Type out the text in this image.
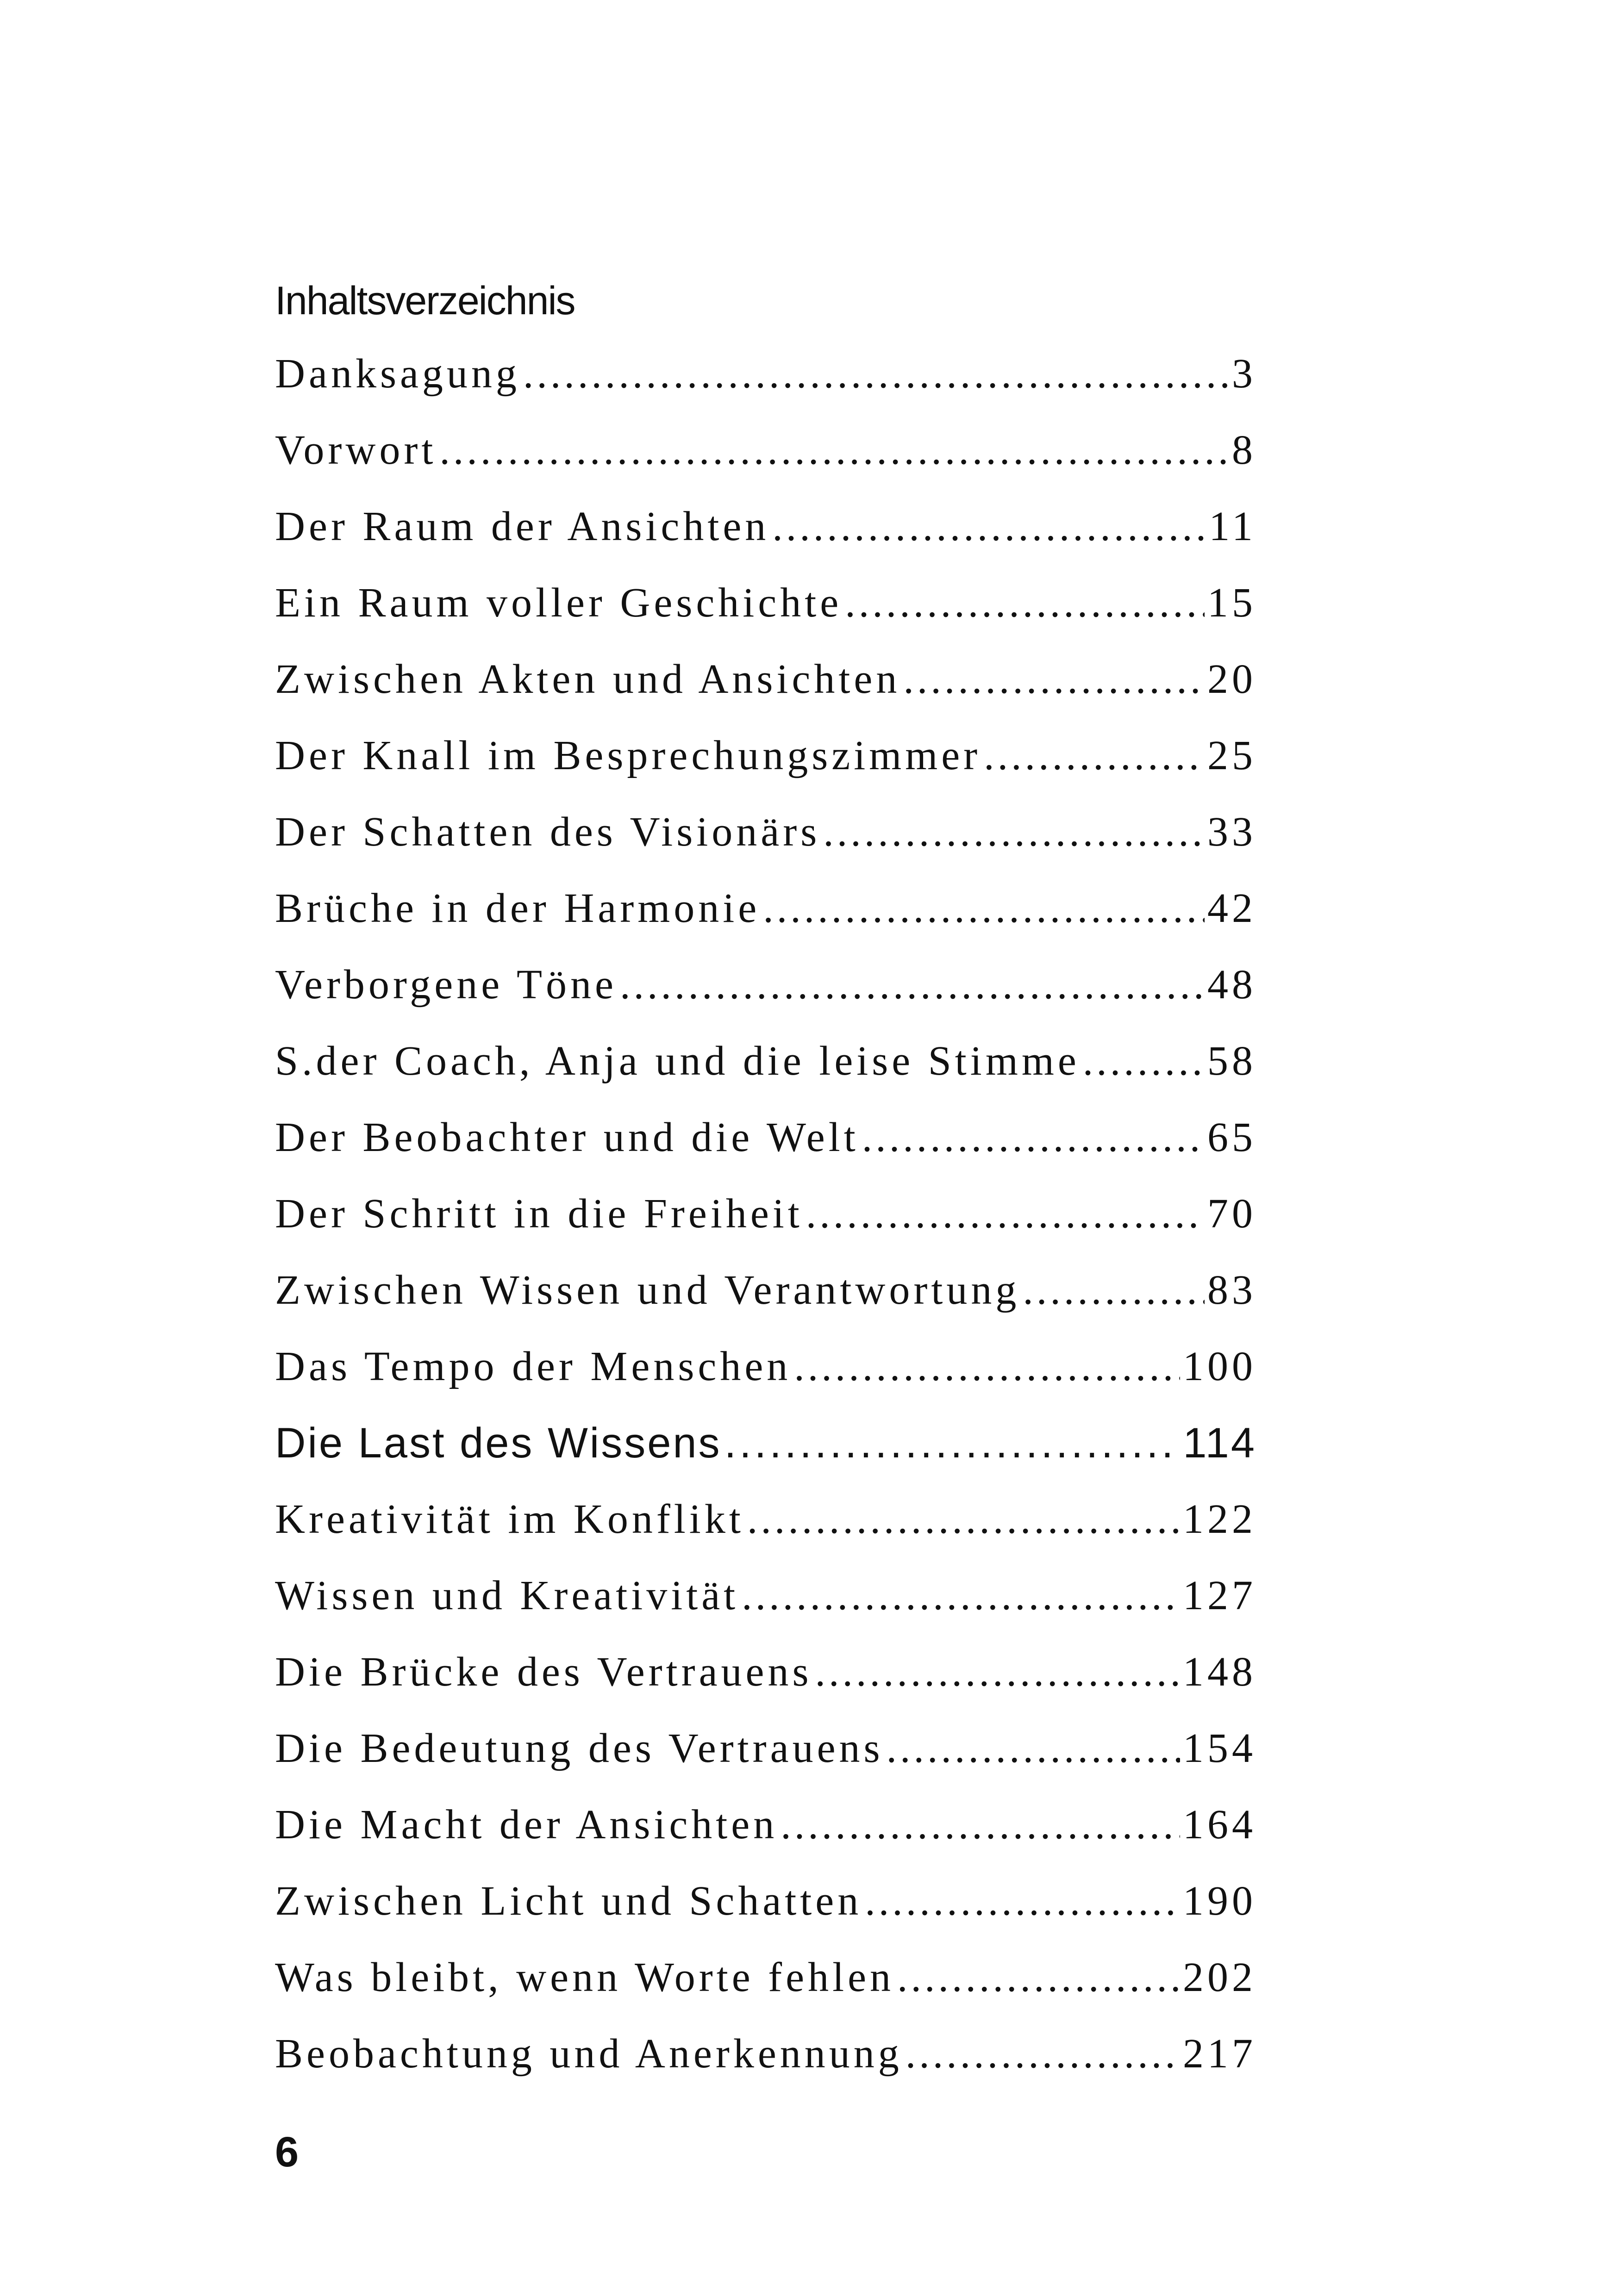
Inhaltsverzeichnis
Danksagung .....	3
Vorwort .....	8
Der Raum der Ansichten .....	11
Ein Raum voller Geschichte .....	15
Zwischen Akten und Ansichten .....	20
Der Knall im Besprechungszimmer .....	25
Der Schatten des Visionärs .....	33
Brüche in der Harmonie .....	42
Verborgene Töne .....	48
S.der Coach, Anja und die leise Stimme .....	58
Der Beobachter und die Welt .....	65
Der Schritt in die Freiheit .....	70
Zwischen Wissen und Verantwortung .....	83
Das Tempo der Menschen .....	100
Die Last des Wissens .....	114
Kreativität im Konflikt .....	122
Wissen und Kreativität .....	127
Die Brücke des Vertrauens .....	148
Die Bedeutung des Vertrauens .....	154
Die Macht der Ansichten .....	164
Zwischen Licht und Schatten .....	190
Was bleibt, wenn Worte fehlen .....	202
Beobachtung und Anerkennung .....	217
6
